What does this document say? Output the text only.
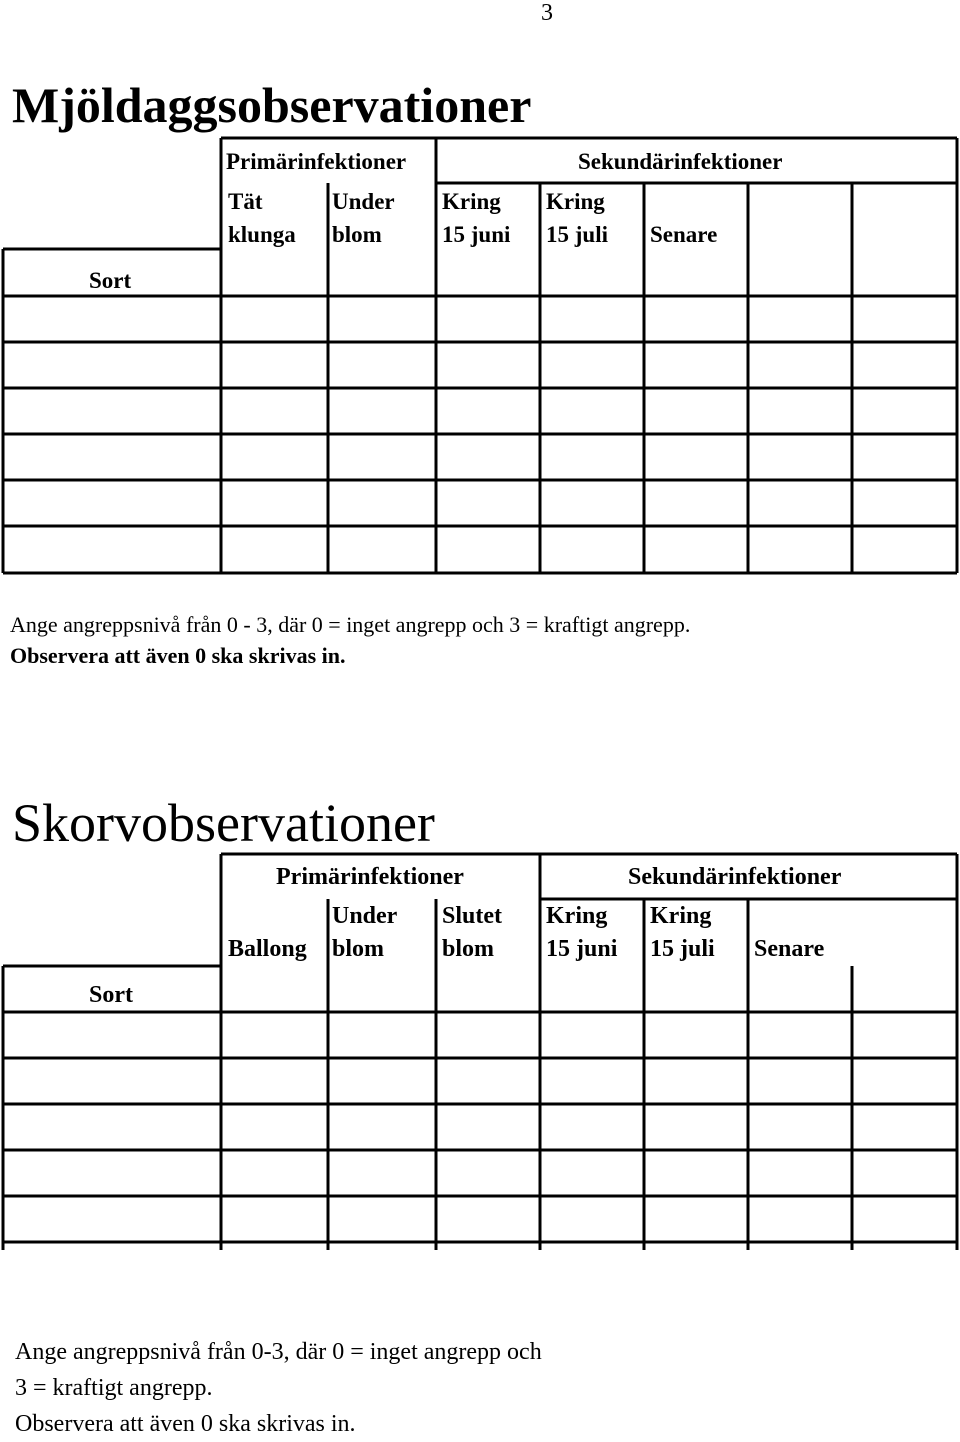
3
Mjöldaggsobservationer
Primärinfektioner	Sekundärinfektioner
Tät
klunga
Under
blom
Kring
15 juni
Kring
15 juli Senare
Sort
Ange angreppsnivå från 0 - 3, där 0 = inget angrepp och 3 = kraftigt angrepp.
Observera att även 0 ska skrivas in.
Skorvobservationer
Primärinfektioner	Sekundärinfektioner
Ballong
Under
blom
Slutet
blom
Kring
15 juni
Kring
15 juli Senare
Sort
Ange angreppsnivå från 0-3, där 0 = inget angrepp och
3 = kraftigt angrepp.
Observera att även 0 ska skrivas in.
